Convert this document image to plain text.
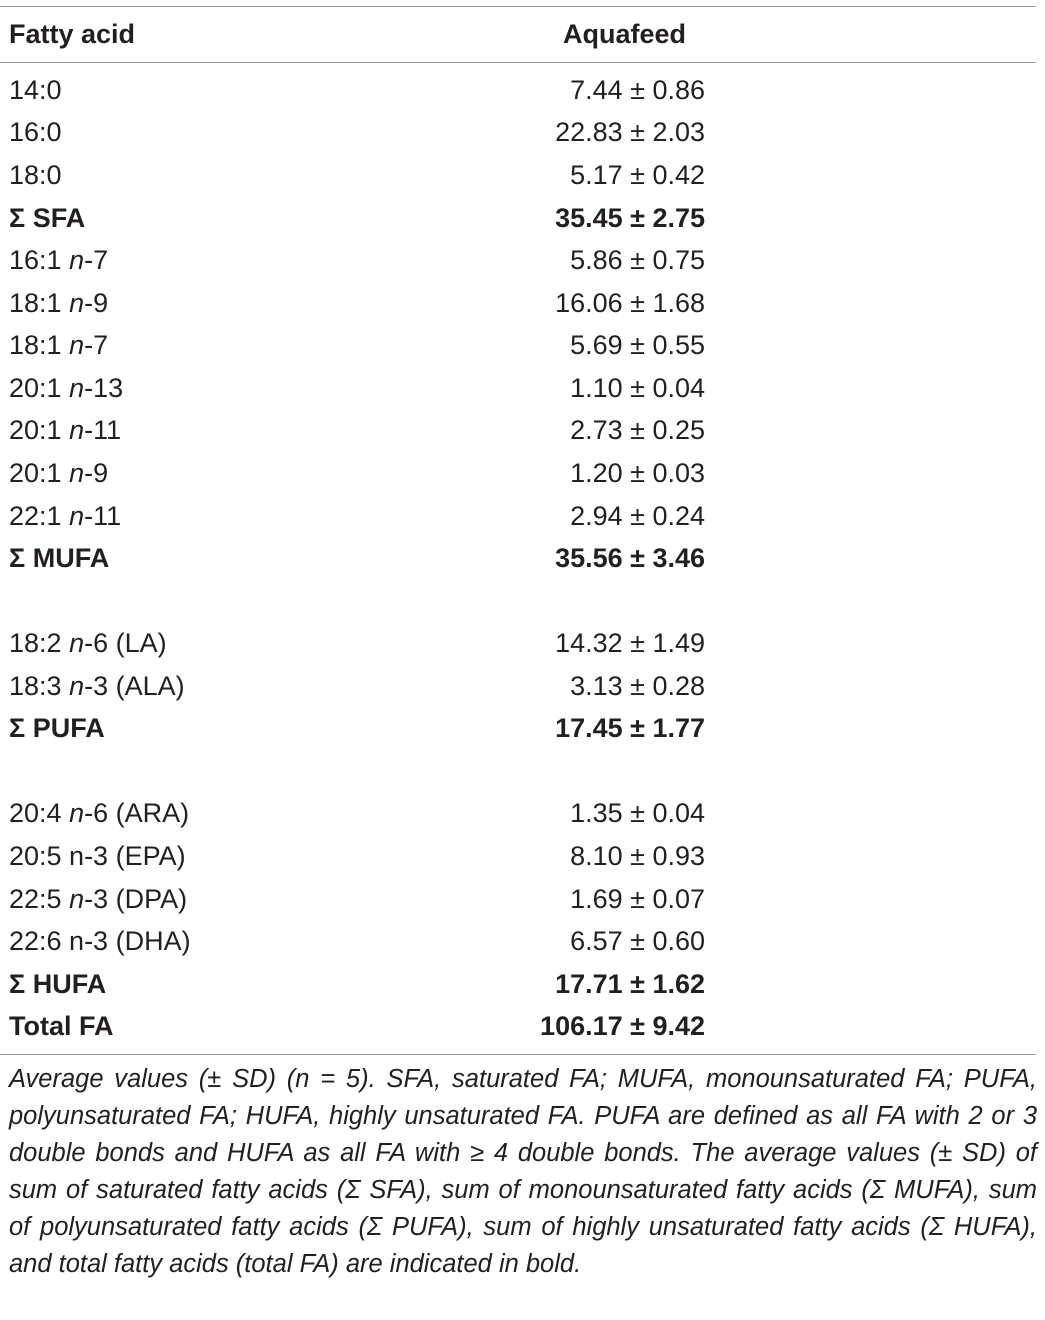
Fatty acid	Aquafeed
14:0	7.44 ± 0.86
16:0	22.83 ± 2.03
18:0	5.17 ± 0.42
Σ SFA	35.45 ± 2.75
16:1 n-7	5.86 ± 0.75
18:1 n-9	16.06 ± 1.68
18:1 n-7	5.69 ± 0.55
20:1 n-13	1.10 ± 0.04
20:1 n-11	2.73 ± 0.25
20:1 n-9	1.20 ± 0.03
22:1 n-11	2.94 ± 0.24
Σ MUFA	35.56 ± 3.46
18:2 n-6 (LA)	14.32 ± 1.49
18:3 n-3 (ALA)	3.13 ± 0.28
Σ PUFA	17.45 ± 1.77
20:4 n-6 (ARA)	1.35 ± 0.04
20:5 n-3 (EPA)	8.10 ± 0.93
22:5 n-3 (DPA)	1.69 ± 0.07
22:6 n-3 (DHA)	6.57 ± 0.60
Σ HUFA	17.71 ± 1.62
Total FA	106.17 ± 9.42
Average values (± SD) (n = 5). SFA, saturated FA; MUFA, monounsaturated FA; PUFA, polyunsaturated FA; HUFA, highly unsaturated FA. PUFA are defined as all FA with 2 or 3 double bonds and HUFA as all FA with ≥ 4 double bonds. The average values (± SD) of sum of saturated fatty acids (Σ SFA), sum of monounsaturated fatty acids (Σ MUFA), sum of polyunsaturated fatty acids (Σ PUFA), sum of highly unsaturated fatty acids (Σ HUFA), and total fatty acids (total FA) are indicated in bold.
